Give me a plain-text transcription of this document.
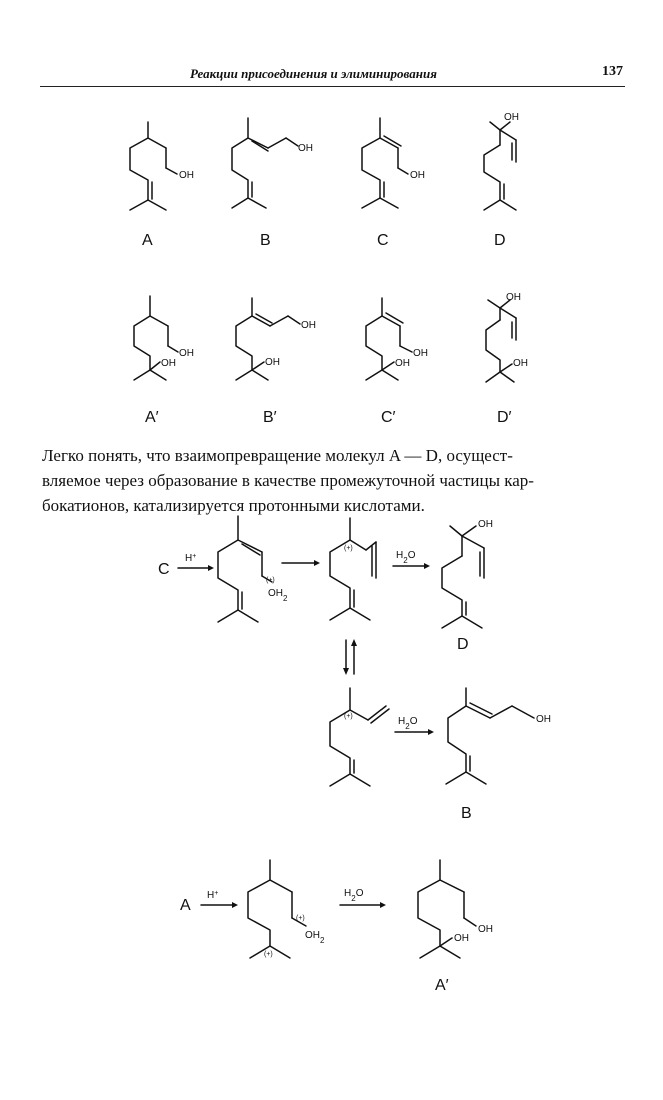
Реакции присоединения и элиминирования	137
OH
A
OH
B
OH
C
OH
D
OH
OH
A′
OH
OH
B′
OH
OH
C′
OH
OH
D′
C
H+
(+)
$OH_2$
(+)
$H_2O$
OH
D
(+)	$H_2O$	OH
B
A
H+
(+)
$OH_2$
(+)
$H_2O$
OH
OH
A′
Легко понять, что взаимопревращение молекул A — D, осущест-
вляемое через образование в качестве промежуточной частицы кар-
бокатионов, катализируется протонными кислотами.
